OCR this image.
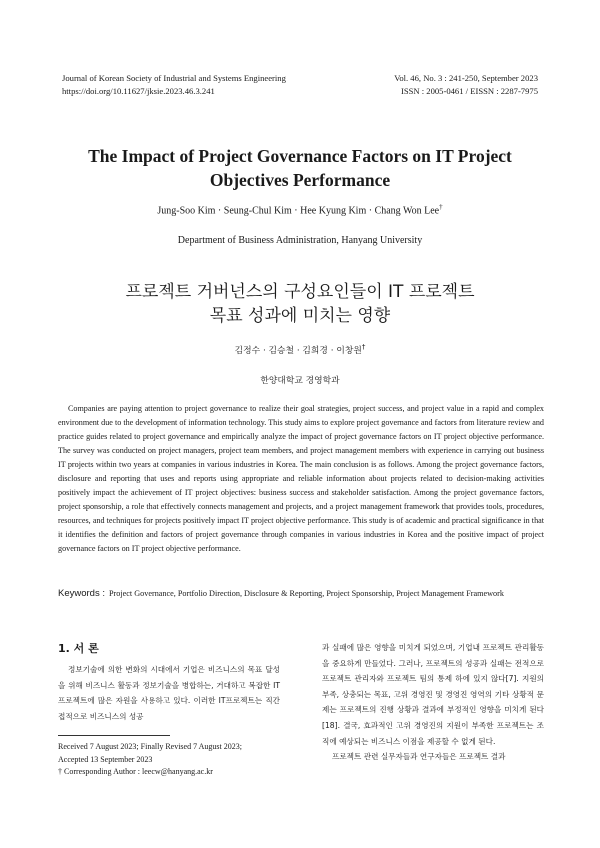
Journal of Korean Society of Industrial and Systems Engineering
https://doi.org/10.11627/jksie.2023.46.3.241
Vol. 46, No. 3 : 241-250, September 2023
ISSN : 2005-0461 / EISSN : 2287-7975
The Impact of Project Governance Factors on IT Project
Objectives Performance
Jung-Soo Kim · Seung-Chul Kim · Hee Kyung Kim · Chang Won Lee†
Department of Business Administration, Hanyang University
프로젝트 거버넌스의 구성요인들이 IT 프로젝트
목표 성과에 미치는 영향
김정수 · 김승철 · 김희경 · 이창원†
한양대학교 경영학과
Companies are paying attention to project governance to realize their goal strategies, project success, and project value in a rapid and complex environment due to the development of information technology. This study aims to explore project governance and factors from literature review and practice guides related to project governance and empirically analyze the impact of project governance factors on IT project objective performance. The survey was conducted on project managers, project team members, and project management members with experience in carrying out business IT projects within two years at companies in various industries in Korea. The main conclusion is as follows. Among the project governance factors, disclosure and reporting that uses and reports using appropriate and reliable information about projects related to decision-making activities positively impact the achievement of IT project objectives: business success and stakeholder satisfaction. Among the project governance factors, project sponsorship, a role that effectively connects management and projects, and a project management framework that provides tools, procedures, resources, and techniques for projects positively impact IT project objective performance. This study is of academic and practical significance in that it identifies the definition and factors of project governance through companies in various industries in Korea and the positive impact of project governance factors on IT project objective performance.
Keywords : Project Governance, Portfolio Direction, Disclosure & Reporting, Project Sponsorship, Project Management Framework
1. 서 론

정보기술에 의한 변화의 시대에서 기업은 비즈니스의 목표 달성을 위해 비즈니스 활동과 정보기술을 병합하는, 거대하고 복잡한 IT프로젝트에 많은 자원을 사용하고 있다. 이러한 IT프로젝트는 직간접적으로 비즈니스의 성공

과 실패에 많은 영향을 미치게 되었으며, 기업내 프로젝트 관리활동을 중요하게 만들었다. 그러나, 프로젝트의 성공과 실패는 전적으로 프로젝트 관리자와 프로젝트 팀의 통제 하에 있지 않다[7]. 지원의 부족, 상충되는 목표, 고위 경영진 및 경영진 영역의 기타 상황적 문제는 프로젝트의 진행 상황과 결과에 부정적인 영향을 미치게 된다[18]. 결국, 효과적인 고위 경영진의 지원이 부족한 프로젝트는 조직에 예상되는 비즈니스 이점을 제공할 수 없게 된다.

프로젝트 관련 실무자들과 연구자들은 프로젝트 결과

Received 7 August 2023; Finally Revised 7 August 2023;
Accepted 13 September 2023
† Corresponding Author : leecw@hanyang.ac.kr
